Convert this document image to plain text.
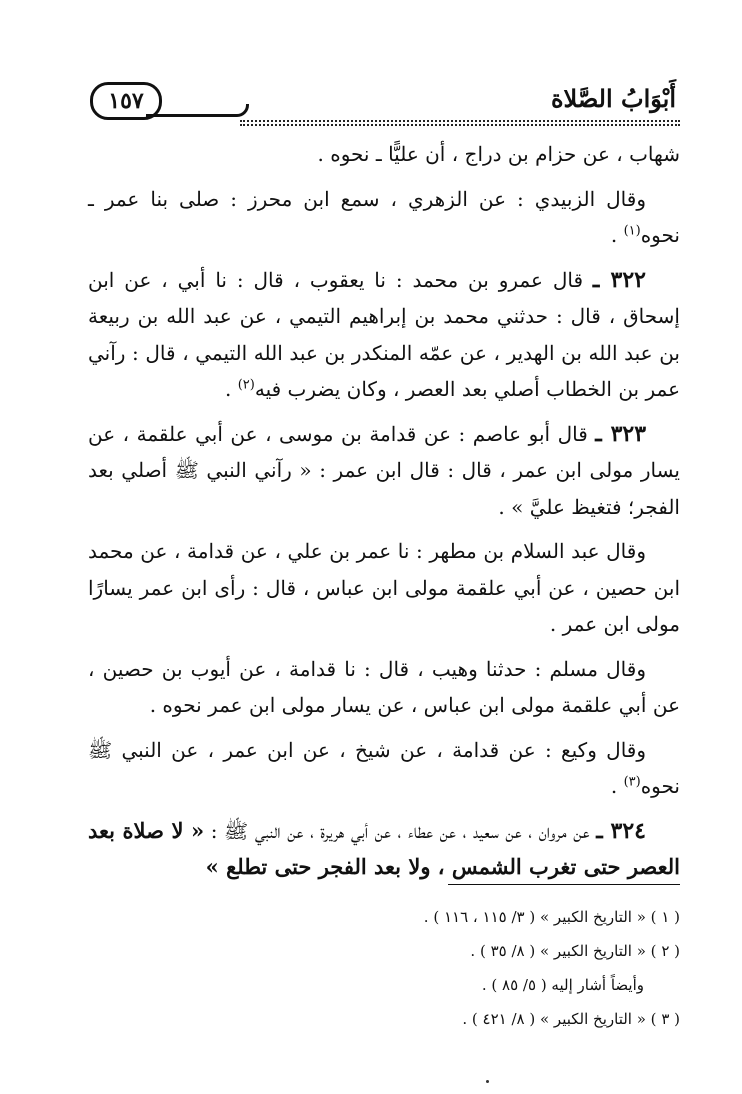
أَبْوَابُ الصَّلاة
١٥٧

شهاب ، عن حزام بن دراج ، أن عليًّا ـ نحوه .

وقال الزبيدي : عن الزهري ، سمع ابن محرز : صلى بنا عمر ـ نحوه$^{(١)}$ .

٣٢٢ ـ قال عمرو بن محمد : نا يعقوب ، قال : نا أبي ، عن ابن إسحاق ، قال : حدثني محمد بن إبراهيم التيمي ، عن عبد الله بن ربيعة بن عبد الله بن الهدير ، عن عمّه المنكدر بن عبد الله التيمي ، قال : رآني عمر بن الخطاب أصلي بعد العصر ، وكان يضرب فيه$^{(٢)}$ .

٣٢٣ ـ قال أبو عاصم : عن قدامة بن موسى ، عن أبي علقمة ، عن يسار مولى ابن عمر ، قال : قال ابن عمر : « رآني النبي ﷺ أصلي بعد الفجر؛ فتغيظ عليَّ » .

وقال عبد السلام بن مطهر : نا عمر بن علي ، عن قدامة ، عن محمد ابن حصين ، عن أبي علقمة مولى ابن عباس ، قال : رأى ابن عمر يسارًا مولى ابن عمر .

وقال مسلم : حدثنا وهيب ، قال : نا قدامة ، عن أيوب بن حصين ، عن أبي علقمة مولى ابن عباس ، عن يسار مولى ابن عمر نحوه .

وقال وكيع : عن قدامة ، عن شيخ ، عن ابن عمر ، عن النبي ﷺ نحوه$^{(٣)}$ .

٣٢٤ ـ عن مروان ، عن سعيد ، عن عطاء ، عن أبي هريرة ، عن النبي ﷺ : « لا صلاة بعد العصر حتى تغرب الشمس ، ولا بعد الفجر حتى تطلع »

( ١ ) « التاريخ الكبير » ( ٣/ ١١٥ ، ١١٦ ) .

( ٢ ) « التاريخ الكبير » ( ٨/ ٣٥ ) .

وأيضاً أشار إليه ( ٥/ ٨٥ ) .

( ٣ ) « التاريخ الكبير » ( ٨/ ٤٢١ ) .
